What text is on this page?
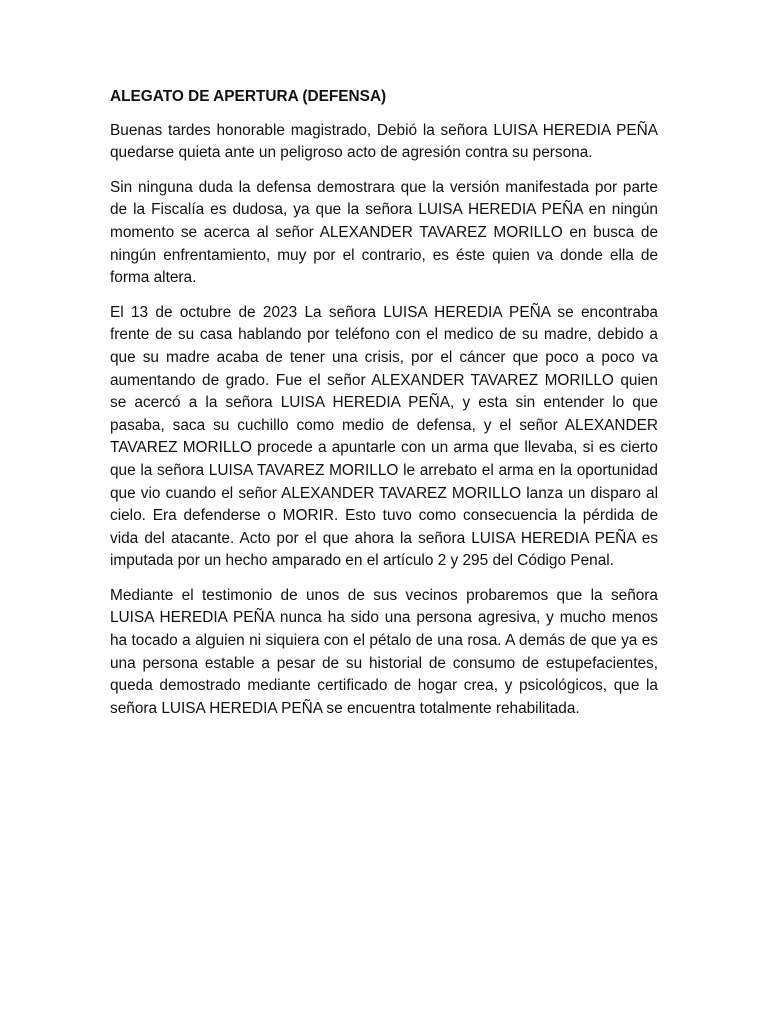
ALEGATO DE APERTURA (DEFENSA)

Buenas tardes honorable magistrado, Debió la señora LUISA HEREDIA PEÑA quedarse quieta ante un peligroso acto de agresión contra su persona.

Sin ninguna duda la defensa demostrara que la versión manifestada por parte de la Fiscalía es dudosa, ya que la señora LUISA HEREDIA PEÑA en ningún momento se acerca al señor ALEXANDER TAVAREZ MORILLO en busca de ningún enfrentamiento, muy por el contrario, es éste quien va donde ella de forma altera.

El 13 de octubre de 2023 La señora LUISA HEREDIA PEÑA se encontraba frente de su casa hablando por teléfono con el medico de su madre, debido a que su madre acaba de tener una crisis, por el cáncer que poco a poco va aumentando de grado. Fue el señor ALEXANDER TAVAREZ MORILLO quien se acercó a la señora LUISA HEREDIA PEÑA, y esta sin entender lo que pasaba, saca su cuchillo como medio de defensa, y el señor ALEXANDER TAVAREZ MORILLO procede a apuntarle con un arma que llevaba, si es cierto que la señora LUISA TAVAREZ MORILLO le arrebato el arma en la oportunidad que vio cuando el señor ALEXANDER TAVAREZ MORILLO lanza un disparo al cielo. Era defenderse o MORIR. Esto tuvo como consecuencia la pérdida de vida del atacante. Acto por el que ahora la señora LUISA HEREDIA PEÑA es imputada por un hecho amparado en el artículo 2 y 295 del Código Penal.

Mediante el testimonio de unos de sus vecinos probaremos que la señora LUISA HEREDIA PEÑA nunca ha sido una persona agresiva, y mucho menos ha tocado a alguien ni siquiera con el pétalo de una rosa. A demás de que ya es una persona estable a pesar de su historial de consumo de estupefacientes, queda demostrado mediante certificado de hogar crea, y psicológicos, que la señora LUISA HEREDIA PEÑA se encuentra totalmente rehabilitada.
